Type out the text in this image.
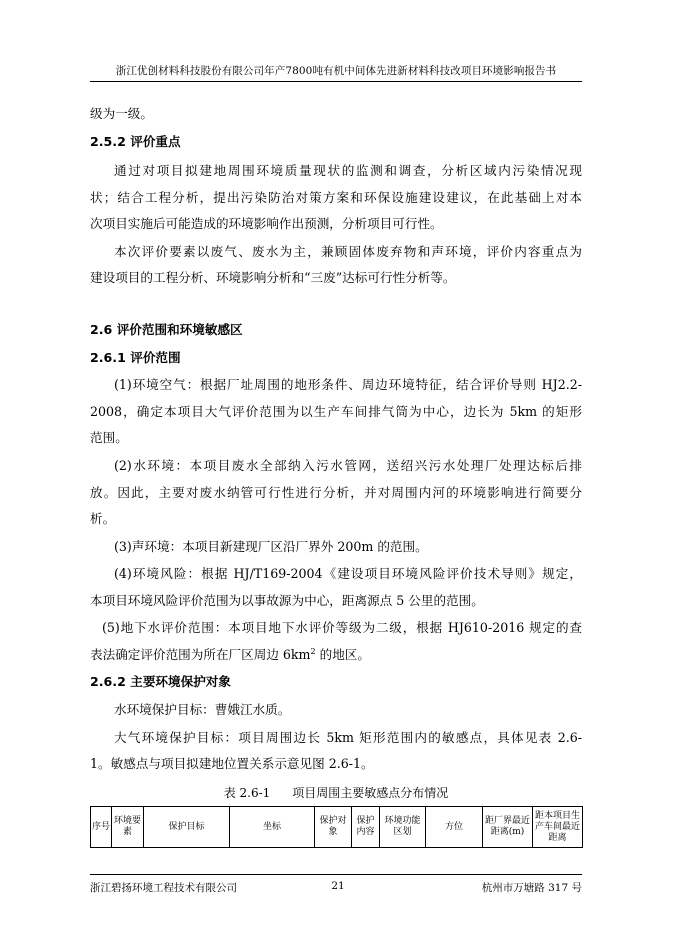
浙江优创材料科技股份有限公司年产7800吨有机中间体先进新材料科技改项目环境影响报告书
级为一级。
2.5.2 评价重点
通过对项目拟建地周围环境质量现状的监测和调查，分析区域内污染情况现
状；结合工程分析，提出污染防治对策方案和环保设施建设建议，在此基础上对本
次项目实施后可能造成的环境影响作出预测，分析项目可行性。
本次评价要素以废气、废水为主，兼顾固体废弃物和声环境，评价内容重点为
建设项目的工程分析、环境影响分析和“三废”达标可行性分析等。
2.6 评价范围和环境敏感区
2.6.1 评价范围
(1)环境空气：根据厂址周围的地形条件、周边环境特征，结合评价导则 HJ2.2-
2008，确定本项目大气评价范围为以生产车间排气筒为中心，边长为 5km 的矩形
范围。
(2)水环境：本项目废水全部纳入污水管网，送绍兴污水处理厂处理达标后排
放。因此，主要对废水纳管可行性进行分析，并对周围内河的环境影响进行简要分
析。
(3)声环境：本项目新建现厂区沿厂界外 200m 的范围。
(4)环境风险：根据 HJ/T169-2004《建设项目环境风险评价技术导则》规定，
本项目环境风险评价范围为以事故源为中心，距离源点 5 公里的范围。
(5)地下水评价范围：本项目地下水评价等级为二级，根据 HJ610-2016 规定的查
表法确定评价范围为所在厂区周边 $6km^2$ 的地区。
2.6.2 主要环境保护对象
水环境保护目标：曹娥江水质。
大气环境保护目标：项目周围边长 5km 矩形范围内的敏感点，具体见表 2.6-
1。敏感点与项目拟建地位置关系示意见图 2.6-1。
表 2.6-1 项目周围主要敏感点分布情况
序号	环境要素	保护目标	坐标	保护对象	保护内容	环境功能区划	方位	距厂界最近距离(m)	距本项目生产车间最近距离
浙江碧扬环境工程技术有限公司	21	杭州市万塘路 317 号
